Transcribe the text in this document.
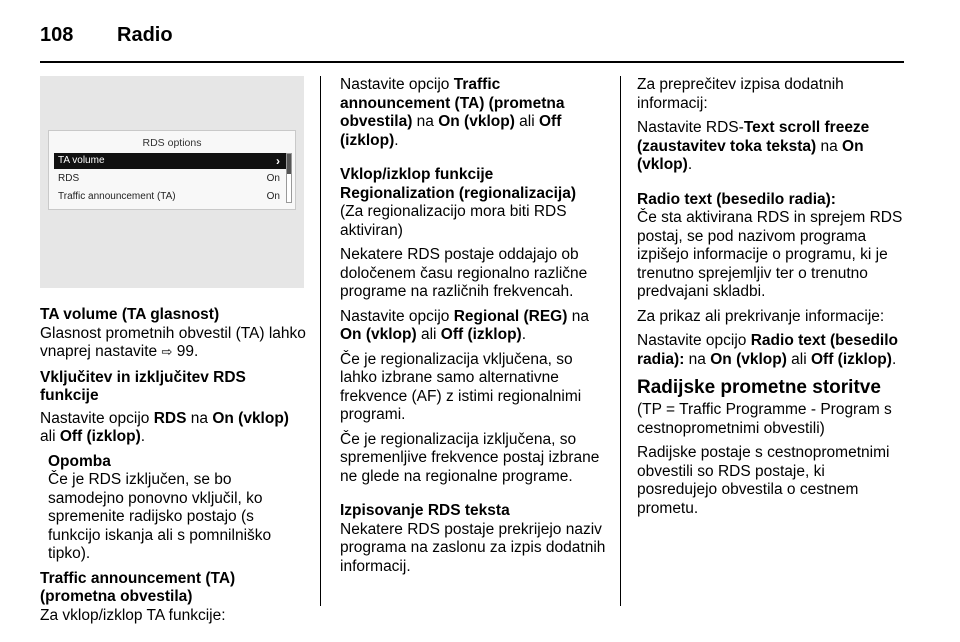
108	Radio
RDS options
TA volume	›
RDS	On
Traffic announcement (TA)	On

TA volume (TA glasnost)

Glasnost prometnih obvestil (TA) lahko vnaprej nastavite ⇨ 99.

Vključitev in izključitev RDS funkcije

Nastavite opcijo RDS na On (vklop)
ali Off (izklop).

Opomba

Če je RDS izključen, se bo samodejno ponovno vključil, ko spremenite radijsko postajo (s funkcijo iskanja ali s pomnilniško tipko).

Traffic announcement (TA) (prometna obvestila)

Za vklop/izklop TA funkcije:

Nastavite opcijo Traffic announcement (TA) (prometna obvestila) na On (vklop) ali Off (izklop).

Vklop/izklop funkcije Regionalization (regionalizacija)

(Za regionalizacijo mora biti RDS aktiviran)

Nekatere RDS postaje oddajajo ob določenem času regionalno različne programe na različnih frekvencah.

Nastavite opcijo Regional (REG) na
On (vklop) ali Off (izklop).

Če je regionalizacija vključena, so lahko izbrane samo alternativne frekvence (AF) z istimi regionalnimi programi.

Če je regionalizacija izključena, so spremenljive frekvence postaj izbrane ne glede na regionalne programe.

Izpisovanje RDS teksta

Nekatere RDS postaje prekrijejo naziv programa na zaslonu za izpis dodatnih informacij.

Za preprečitev izpisa dodatnih informacij:

Nastavite RDS-Text scroll freeze (zaustavitev toka teksta) na On (vklop).

Radio text (besedilo radia):

Če sta aktivirana RDS in sprejem RDS postaj, se pod nazivom programa izpišejo informacije o programu, ki je trenutno sprejemljiv ter o trenutno predvajani skladbi.

Za prikaz ali prekrivanje informacije:

Nastavite opcijo Radio text (besedilo radia): na On (vklop) ali Off (izklop).

Radijske prometne storitve

(TP = Traffic Programme - Program s cestnoprometnimi obvestili)

Radijske postaje s cestnoprometnimi obvestili so RDS postaje, ki posredujejo obvestila o cestnem prometu.
